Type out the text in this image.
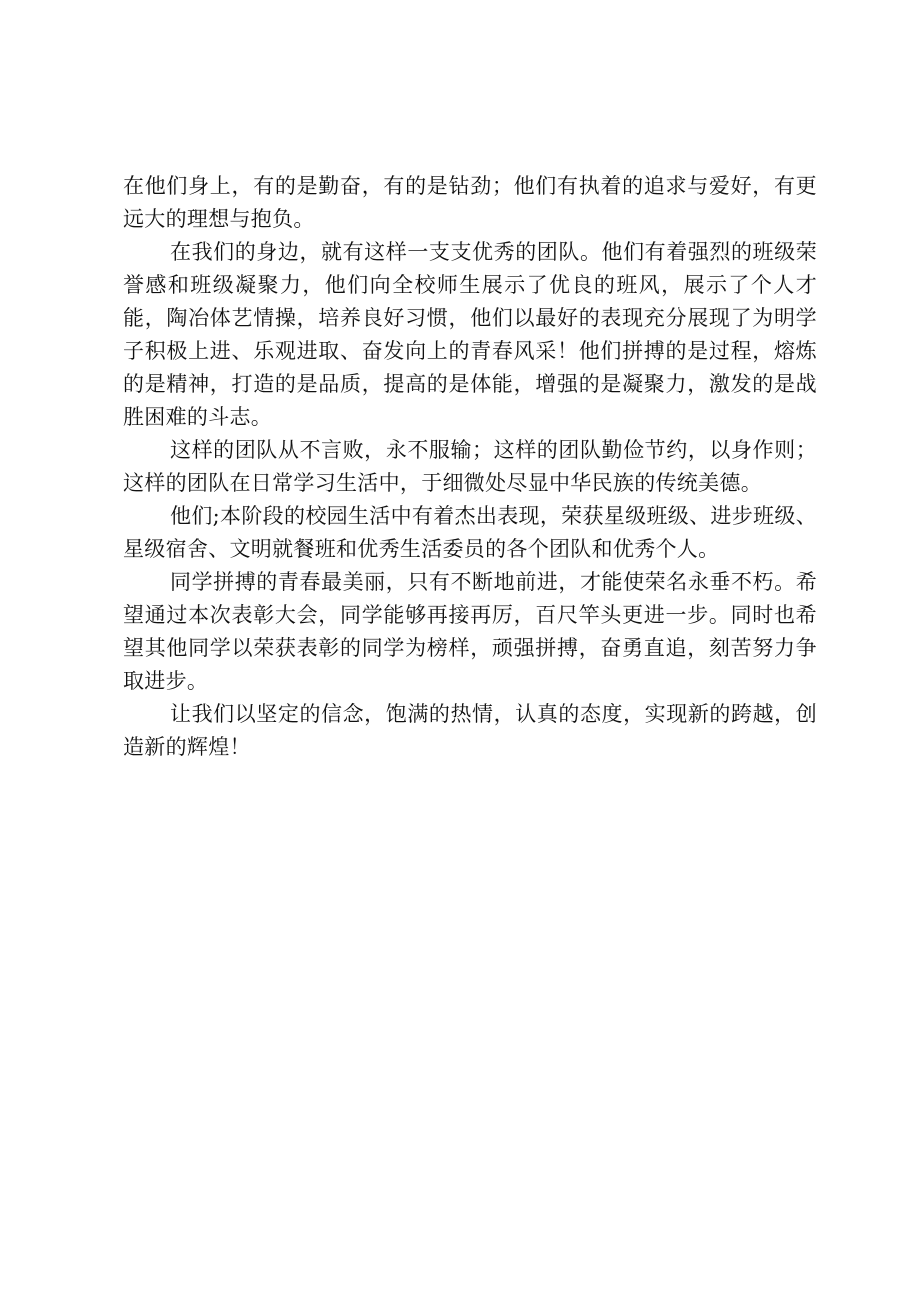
在他们身上，有的是勤奋，有的是钻劲；他们有执着的追求与爱好，有更远大的理想与抱负。

在我们的身边，就有这样一支支优秀的团队。他们有着强烈的班级荣誉感和班级凝聚力，他们向全校师生展示了优良的班风，展示了个人才能，陶冶体艺情操，培养良好习惯，他们以最好的表现充分展现了为明学子积极上进、乐观进取、奋发向上的青春风采！他们拼搏的是过程，熔炼的是精神，打造的是品质，提高的是体能，增强的是凝聚力，激发的是战胜困难的斗志。

这样的团队从不言败，永不服输；这样的团队勤俭节约，以身作则；这样的团队在日常学习生活中，于细微处尽显中华民族的传统美德。

他们;本阶段的校园生活中有着杰出表现，荣获星级班级、进步班级、星级宿舍、文明就餐班和优秀生活委员的各个团队和优秀个人。

同学拼搏的青春最美丽，只有不断地前进，才能使荣名永垂不朽。希望通过本次表彰大会，同学能够再接再厉，百尺竿头更进一步。同时也希望其他同学以荣获表彰的同学为榜样，顽强拼搏，奋勇直追，刻苦努力争取进步。

让我们以坚定的信念，饱满的热情，认真的态度，实现新的跨越，创造新的辉煌！
